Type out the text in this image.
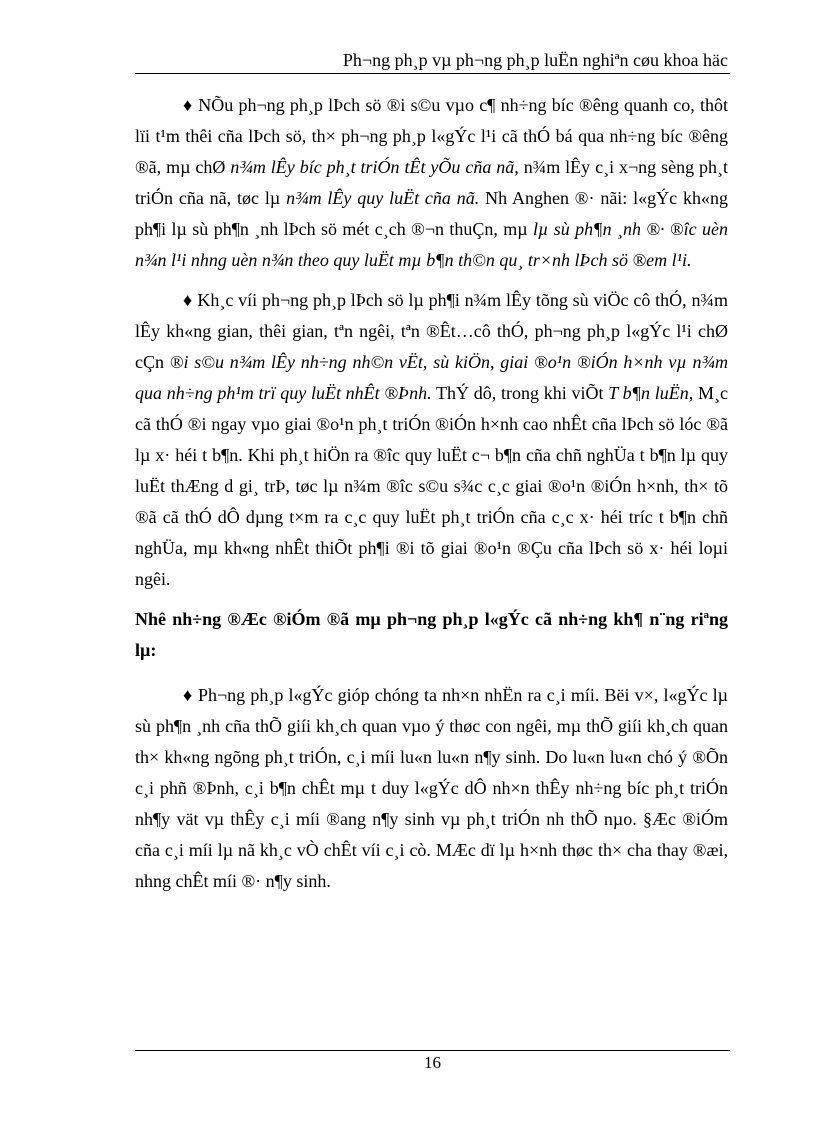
Ph¬ng ph¸p vµ ph¬ng ph¸p luËn nghiªn cøu khoa häc

♦ NÕu ph¬ng ph¸p lÞch sö ®i s©u vµo c¶ nh÷ng bíc ®êng quanh co, thôt lïi t¹m thêi cña lÞch sö, th× ph¬ng ph¸p l«gÝc l¹i cã thÓ bá qua nh÷ng bíc ®êng ®ã, mµ chØ n¾m lÊy bíc ph¸t triÓn tÊt yÕu cña nã, n¾m lÊy c¸i x¬ng sèng ph¸t triÓn cña nã, tøc lµ n¾m lÊy quy luËt cña nã. Nh Anghen ®· nãi: l«gÝc kh«ng ph¶i lµ sù ph¶n ¸nh lÞch sö mét c¸ch ®¬n thuÇn, mµ lµ sù ph¶n ¸nh ®· ®îc uèn n¾n l¹i nhng uèn n¾n theo quy luËt mµ b¶n th©n qu¸ tr×nh lÞch sö ®em l¹i.

♦ Kh¸c víi ph¬ng ph¸p lÞch sö lµ ph¶i n¾m lÊy tõng sù viÖc cô thÓ, n¾m lÊy kh«ng gian, thêi gian, tªn ngêi, tªn ®Êt…cô thÓ, ph¬ng ph¸p l«gÝc l¹i chØ cÇn ®i s©u n¾m lÊy nh÷ng nh©n vËt, sù kiÖn, giai ®o¹n ®iÓn h×nh vµ n¾m qua nh÷ng ph¹m trï quy luËt nhÊt ®Þnh. ThÝ dô, trong khi viÕt T b¶n luËn, M¸c cã thÓ ®i ngay vµo giai ®o¹n ph¸t triÓn ®iÓn h×nh cao nhÊt cña lÞch sö lóc ®ã lµ x· héi t b¶n. Khi ph¸t hiÖn ra ®îc quy luËt c¬ b¶n cña chñ nghÜa t b¶n lµ quy luËt thÆng d gi¸ trÞ, tøc lµ n¾m ®îc s©u s¾c c¸c giai ®o¹n ®iÓn h×nh, th× tõ ®ã cã thÓ dÔ dµng t×m ra c¸c quy luËt ph¸t triÓn cña c¸c x· héi tríc t b¶n chñ nghÜa, mµ kh«ng nhÊt thiÕt ph¶i ®i tõ giai ®o¹n ®Çu cña lÞch sö x· héi loµi ngêi.

Nhê nh÷ng ®Æc ®iÓm ®ã mµ ph¬ng ph¸p l«gÝc cã nh÷ng kh¶ n¨ng riªng lµ:

♦ Ph¬ng ph¸p l«gÝc gióp chóng ta nh×n nhËn ra c¸i míi. Bëi v×, l«gÝc lµ sù ph¶n ¸nh cña thÕ giíi kh¸ch quan vµo ý thøc con ngêi, mµ thÕ giíi kh¸ch quan th× kh«ng ngõng ph¸t triÓn, c¸i míi lu«n lu«n n¶y sinh. Do lu«n lu«n chó ý ®Õn c¸i phñ ®Þnh, c¸i b¶n chÊt mµ t duy l«gÝc dÔ nh×n thÊy nh÷ng bíc ph¸t triÓn nh¶y vät vµ thÊy c¸i míi ®ang n¶y sinh vµ ph¸t triÓn nh thÕ nµo. §Æc ®iÓm cña c¸i míi lµ nã kh¸c vÒ chÊt víi c¸i cò. MÆc dï lµ h×nh thøc th× cha thay ®æi, nhng chÊt míi ®· n¶y sinh.

16
